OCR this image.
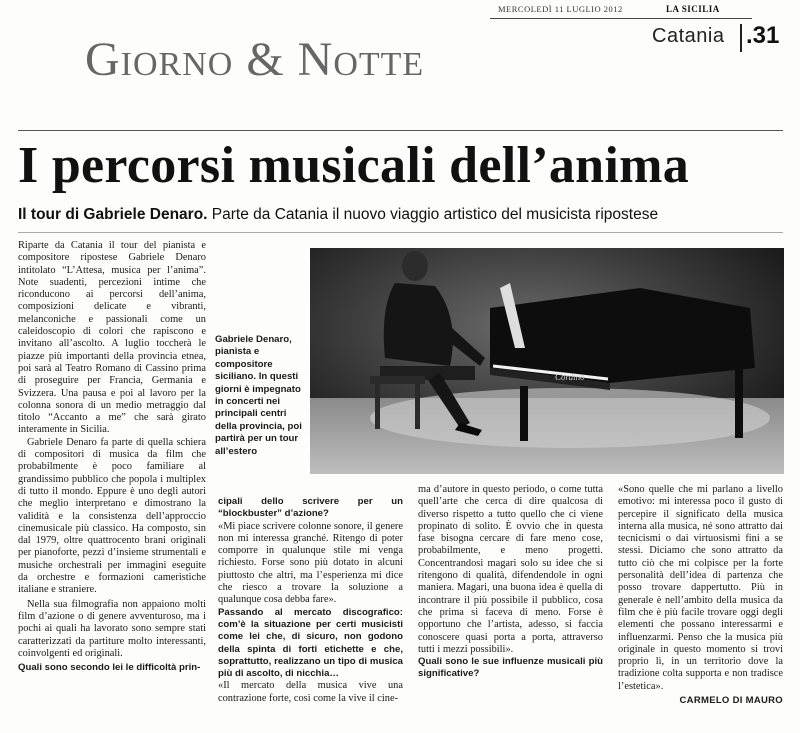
MERCOLEDÌ 11 LUGLIO 2012	LA SICILIA
Catania .31
Giorno & Notte
I percorsi musicali dell’anima
Il tour di Gabriele Denaro. Parte da Catania il nuovo viaggio artistico del musicista ripostese

Riparte da Catania il tour del pianista e compositore ripostese Gabriele Denaro intitolato “L’Attesa, musica per l’anima”. Note suadenti, percezioni intime che riconducono ai percorsi dell’anima, composizioni delicate e vibranti, melanconiche e passionali come un caleidoscopio di colori che rapiscono e invitano all’ascolto. A luglio toccherà le piazze più importanti della provincia etnea, poi sarà al Teatro Romano di Cassino prima di proseguire per Francia, Germania e Svizzera. Una pausa e poi al lavoro per la colonna sonora di un medio metraggio dal titolo “Accanto a me” che sarà girato interamente in Sicilia.

Gabriele Denaro fa parte di quella schiera di compositori di musica da film che probabilmente è poco familiare al grandissimo pubblico che popola i multiplex di tutto il mondo. Eppure è uno degli autori che meglio interpretano e dimostrano la validità e la consistenza dell’approccio cinemusicale più classico. Ha composto, sin dal 1979, oltre quattrocento brani originali per pianoforte, pezzi d’insieme strumentali e musiche orchestrali per immagini eseguite da orchestre e formazioni cameristiche italiane e straniere.

Nella sua filmografia non appaiono molti film d’azione o di genere avventuroso, ma i pochi ai quali ha lavorato sono sempre stati caratterizzati da partiture molto interessanti, coinvolgenti ed originali.

Quali sono secondo lei le difficoltà prin-

Gabriele Denaro, pianista e compositore siciliano. In questi giorni è impegnato in concerti nei principali centri della provincia, poi partirà per un tour all’estero
Cordino

cipali dello scrivere per un “blockbuster” d’azione?

«Mi piace scrivere colonne sonore, il genere non mi interessa granché. Ritengo di poter comporre in qualunque stile mi venga richiesto. Forse sono più dotato in alcuni piuttosto che altri, ma l’esperienza mi dice che riesco a trovare la soluzione a qualunque cosa debba fare».

Passando al mercato discografico: com’è la situazione per certi musicisti come lei che, di sicuro, non godono della spinta di forti etichette e che, soprattutto, realizzano un tipo di musica più di ascolto, di nicchia…

«Il mercato della musica vive una contrazione forte, così come la vive il cine-

ma d’autore in questo periodo, o come tutta quell’arte che cerca di dire qualcosa di diverso rispetto a tutto quello che ci viene propinato di solito. È ovvio che in questa fase bisogna cercare di fare meno cose, probabilmente, e meno progetti. Concentrandosi magari solo su idee che si ritengono di qualità, difendendole in ogni maniera. Magari, una buona idea è quella di incontrare il più possibile il pubblico, cosa che prima si faceva di meno. Forse è opportuno che l’artista, adesso, si faccia conoscere quasi porta a porta, attraverso tutti i mezzi possibili».

Quali sono le sue influenze musicali più significative?

«Sono quelle che mi parlano a livello emotivo: mi interessa poco il gusto di percepire il significato della musica interna alla musica, né sono attratto dai tecnicismi o dai virtuosismi fini a se stessi. Diciamo che sono attratto da tutto ciò che mi colpisce per la forte personalità dell’idea di partenza che posso trovare dappertutto. Più in generale è nell’ambito della musica da film che è più facile trovare oggi degli elementi che possano interessarmi e influenzarmi. Penso che la musica più originale in questo momento si trovi proprio lì, in un territorio dove la tradizione colta supporta e non tradisce l’estetica».

CARMELO DI MAURO
